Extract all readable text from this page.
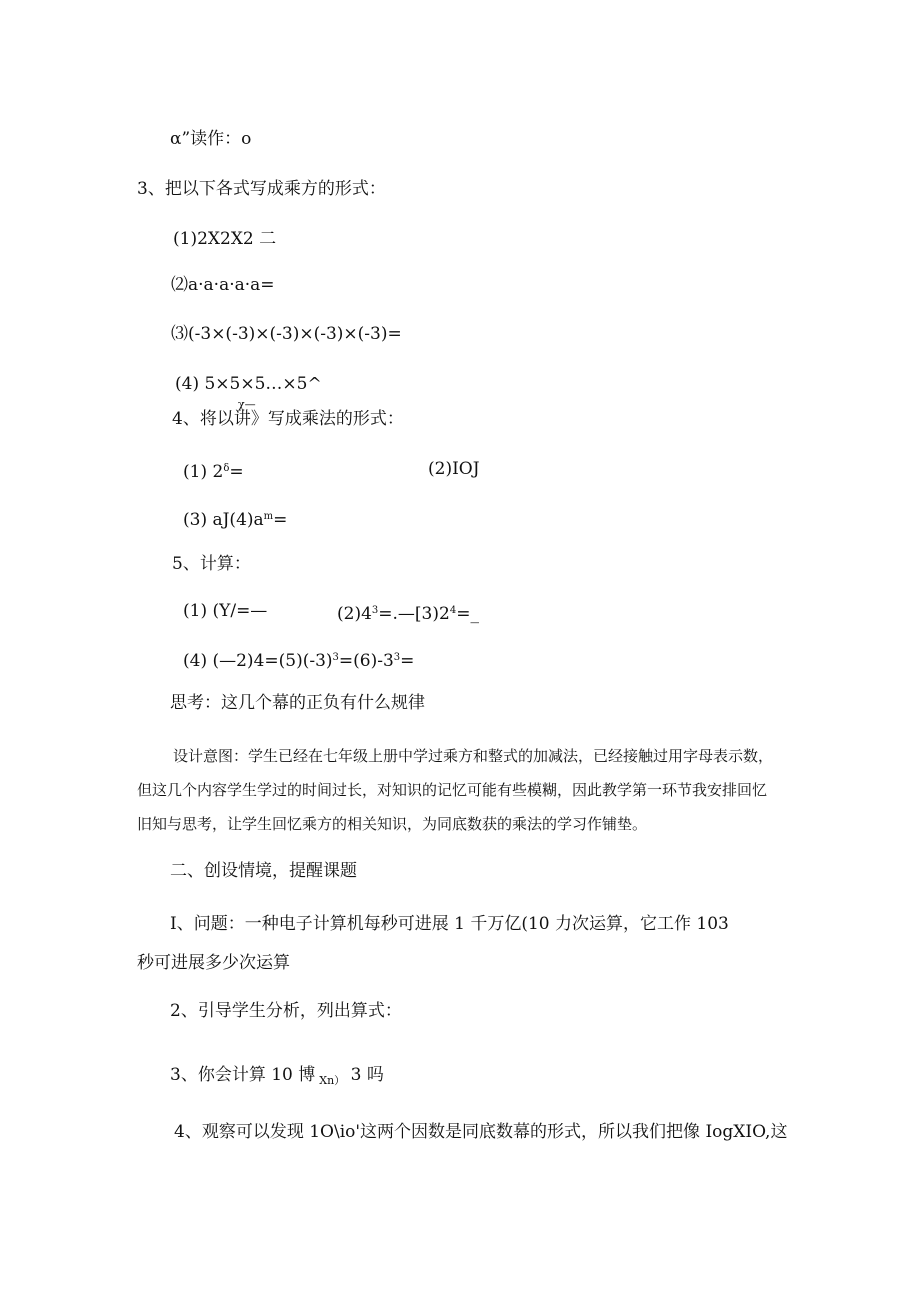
α”读作：o
3、把以下各式写成乘方的形式：
(1)2X2X2 二
⑵a·a·a·a·a=
⑶(-3×(-3)×(-3)×(-3)×(-3)=
(4) 5×5×5…×5^
χ—
4、将以讲》写成乘法的形式：
(1) $2^\delta=$	(2)IOJ
(3) $aJ(4)a^m=$
5、计算：
(1) (Y/=—	$(2)4^3=.—[3)2^4=\_$
(4) $(—2)4=(5)(-3)^3=(6)-3^3=$
思考：这几个幕的正负有什么规律
设计意图：学生已经在七年级上册中学过乘方和整式的加减法，已经接触过用字母表示数，
但这几个内容学生学过的时间过长，对知识的记忆可能有些模糊，因此教学第一环节我安排回忆
旧知与思考，让学生回忆乘方的相关知识，为同底数获的乘法的学习作铺垫。
二、创设情境，提醒课题
I、问题：一种电子计算机每秒可进展 1 千万亿(10 力次运算，它工作 103
秒可进展多少次运算
2、引导学生分析，列出算式：
3、你会计算 10 博 $_{Xn)}$ 3 吗
4、观察可以发现 1O\io'这两个因数是同底数幕的形式，所以我们把像 IogXIO,这
